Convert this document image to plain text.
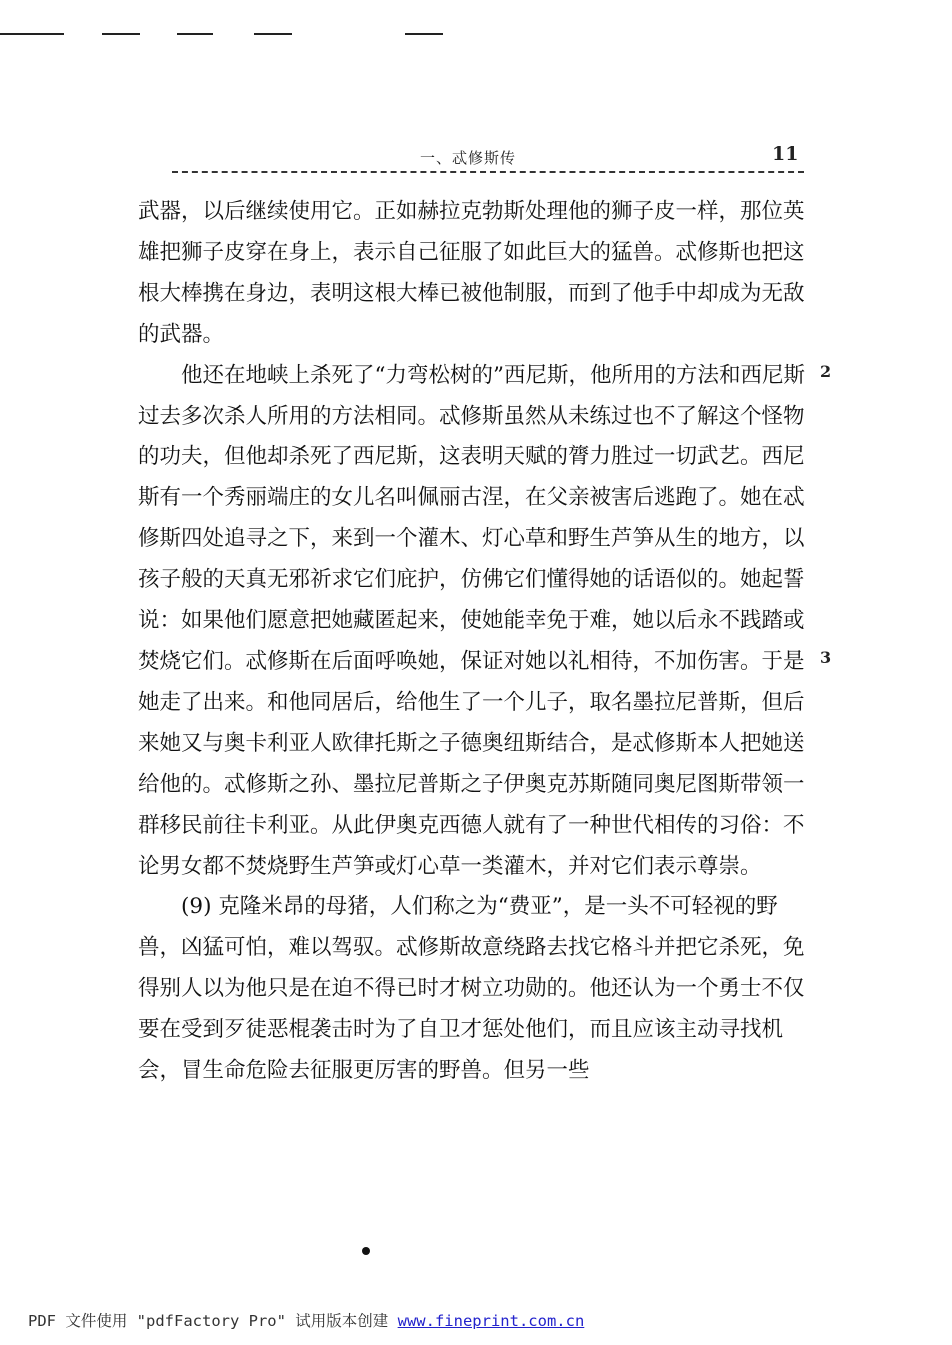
一、忒修斯传	11

武器，以后继续使用它。正如赫拉克勃斯处理他的狮子皮一样，那位英雄把狮子皮穿在身上，表示自己征服了如此巨大的猛兽。忒修斯也把这根大棒携在身边，表明这根大棒已被他制服，而到了他手中却成为无敌的武器。

他还在地峡上杀死了“力弯松树的”西尼斯，他所用的方法和西尼斯过去多次杀人所用的方法相同。忒修斯虽然从未练过也不了解这个怪物的功夫，但他却杀死了西尼斯，这表明天赋的膂力胜过一切武艺。西尼斯有一个秀丽端庄的女儿名叫佩丽古涅，在父亲被害后逃跑了。她在忒修斯四处追寻之下，来到一个灌木、灯心草和野生芦笋从生的地方，以孩子般的天真无邪祈求它们庇护，仿佛它们懂得她的话语似的。她起誓说：如果他们愿意把她藏匿起来，使她能幸免于难，她以后永不践踏或焚烧它们。忒修斯在后面呼唤她，保证对她以礼相待，不加伤害。于是她走了出来。和他同居后，给他生了一个儿子，取名墨拉尼普斯，但后来她又与奥卡利亚人欧律托斯之子德奥纽斯结合，是忒修斯本人把她送给他的。忒修斯之孙、墨拉尼普斯之子伊奥克苏斯随同奥尼图斯带领一群移民前往卡利亚。从此伊奥克西德人就有了一种世代相传的习俗：不论男女都不焚烧野生芦笋或灯心草一类灌木，并对它们表示尊崇。

(9) 克隆米昂的母猪，人们称之为“费亚”，是一头不可轻视的野兽，凶猛可怕，难以驾驭。忒修斯故意绕路去找它格斗并把它杀死，免得别人以为他只是在迫不得已时才树立功勋的。他还认为一个勇士不仅要在受到歹徒恶棍袭击时为了自卫才惩处他们，而且应该主动寻找机会，冒生命危险去征服更厉害的野兽。但另一些

2
3
PDF 文件使用 "pdfFactory Pro" 试用版本创建 www.fineprint.com.cn
